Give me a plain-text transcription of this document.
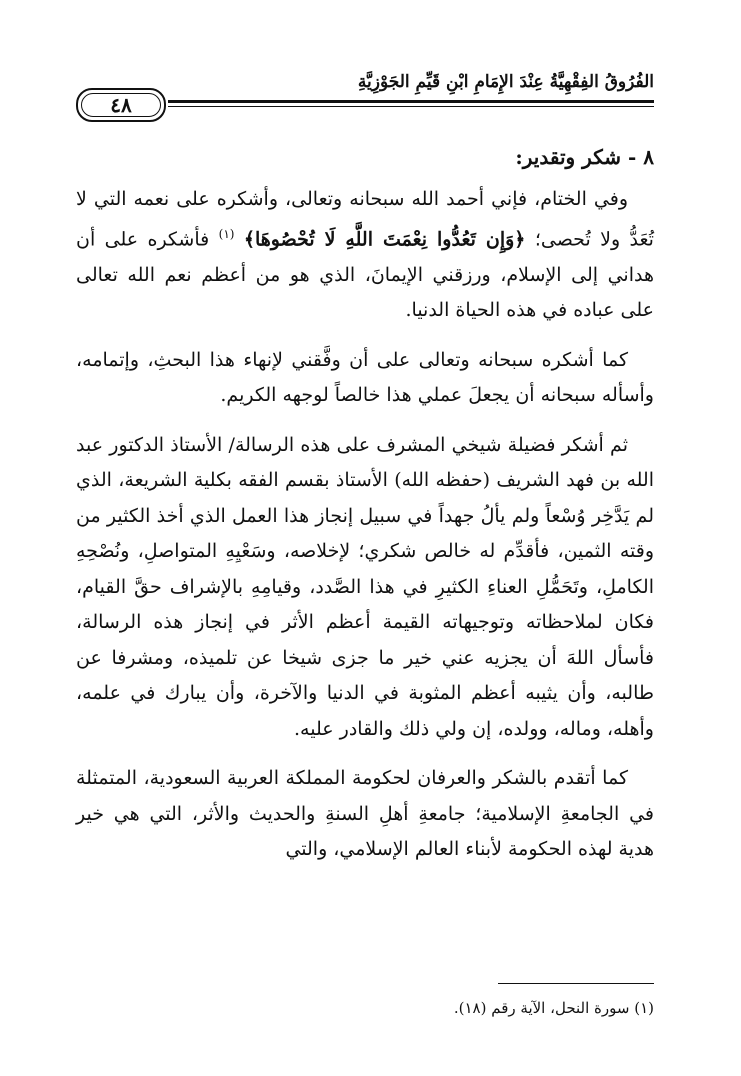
الفُرُوقُ الفِقْهِيَّةُ عِنْدَ الإِمَامِ ابْنِ قَيِّمِ الجَوْزِيَّةِ
٤٨
٨ - شكر وتقدير:

وفي الختام، فإني أحمد الله سبحانه وتعالى، وأشكره على نعمه التي لا تُعَدُّ ولا تُحصى؛ ﴿وَإِن تَعُدُّوا نِعْمَتَ اللَّهِ لَا تُحْصُوهَا﴾ $^{(١)}$ فأشكره على أن هداني إلى الإسلام، ورزقني الإيمانَ، الذي هو من أعظم نعم الله تعالى على عباده في هذه الحياة الدنيا.

كما أشكره سبحانه وتعالى على أن وفَّقني لإنهاء هذا البحثِ، وإتمامه، وأسأله سبحانه أن يجعلَ عملي هذا خالصاً لوجهه الكريم.

ثم أشكر فضيلة شيخي المشرف على هذه الرسالة/ الأستاذ الدكتور عبد الله بن فهد الشريف (حفظه الله) الأستاذ بقسم الفقه بكلية الشريعة، الذي لم يَدَّخِر وُسْعاً ولم يألُ جهداً في سبيل إنجاز هذا العمل الذي أخذ الكثير من وقته الثمين، فأقدِّم له خالص شكري؛ لإخلاصه، وسَعْيِهِ المتواصلِ، ونُصْحِهِ الكاملِ، وتَحَمُّلِ العناءِ الكثيرِ في هذا الصَّدد، وقيامِهِ بالإشراف حقَّ القيام، فكان لملاحظاته وتوجيهاته القيمة أعظم الأثر في إنجاز هذه الرسالة، فأسأل اللهَ أن يجزيه عني خير ما جزى شيخا عن تلميذه، ومشرفا عن طالبه، وأن يثيبه أعظم المثوبة في الدنيا والآخرة، وأن يبارك في علمه، وأهله، وماله، وولده، إن ولي ذلك والقادر عليه.

كما أتقدم بالشكر والعرفان لحكومة المملكة العربية السعودية، المتمثلة في الجامعةِ الإسلامية؛ جامعةِ أهلِ السنةِ والحديث والأثر، التي هي خير هدية لهذه الحكومة لأبناء العالم الإسلامي، والتي

(١) سورة النحل، الآية رقم (١٨).
